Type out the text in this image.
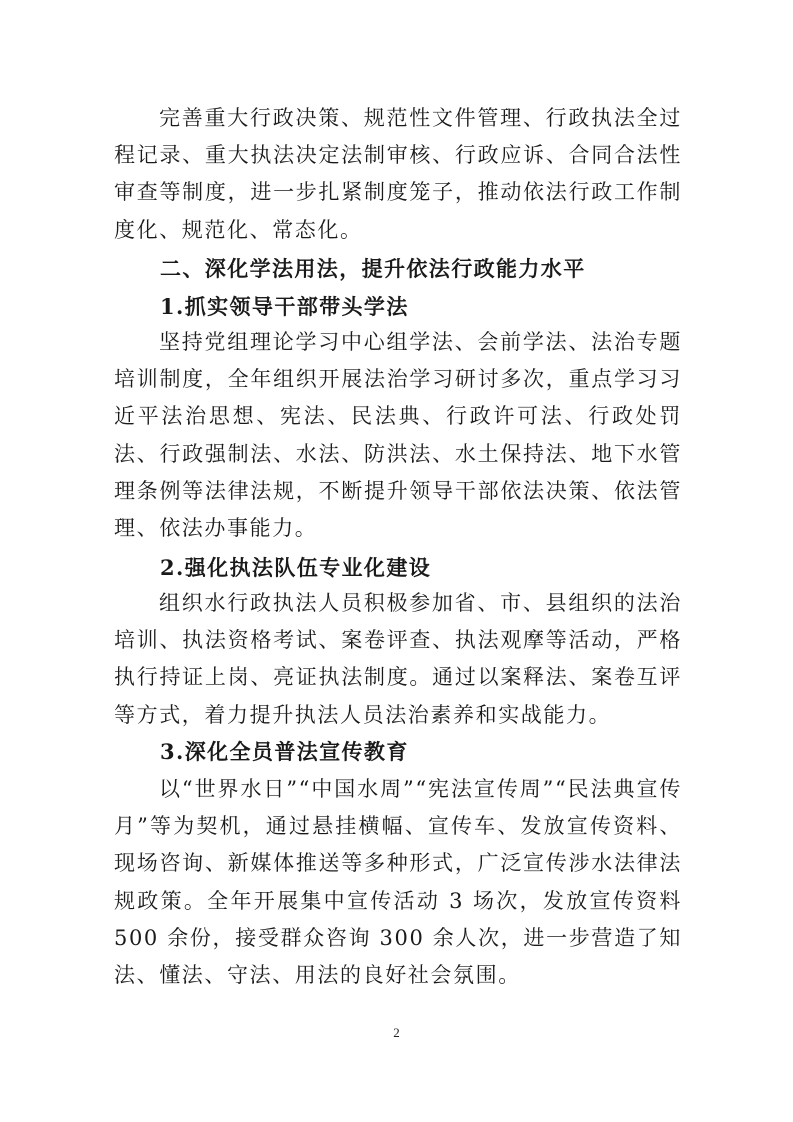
完善重大行政决策、规范性文件管理、行政执法全过程记录、重大执法决定法制审核、行政应诉、合同合法性审查等制度，进一步扎紧制度笼子，推动依法行政工作制度化、规范化、常态化。
二、深化学法用法，提升依法行政能力水平
1.抓实领导干部带头学法
坚持党组理论学习中心组学法、会前学法、法治专题培训制度，全年组织开展法治学习研讨多次，重点学习习近平法治思想、宪法、民法典、行政许可法、行政处罚法、行政强制法、水法、防洪法、水土保持法、地下水管理条例等法律法规，不断提升领导干部依法决策、依法管理、依法办事能力。
2.强化执法队伍专业化建设
组织水行政执法人员积极参加省、市、县组织的法治培训、执法资格考试、案卷评查、执法观摩等活动，严格执行持证上岗、亮证执法制度。通过以案释法、案卷互评等方式，着力提升执法人员法治素养和实战能力。
3.深化全员普法宣传教育
以“世界水日”“中国水周”“宪法宣传周”“民法典宣传月”等为契机，通过悬挂横幅、宣传车、发放宣传资料、现场咨询、新媒体推送等多种形式，广泛宣传涉水法律法规政策。全年开展集中宣传活动 3 场次，发放宣传资料 500 余份，接受群众咨询 300 余人次，进一步营造了知法、懂法、守法、用法的良好社会氛围。
2
